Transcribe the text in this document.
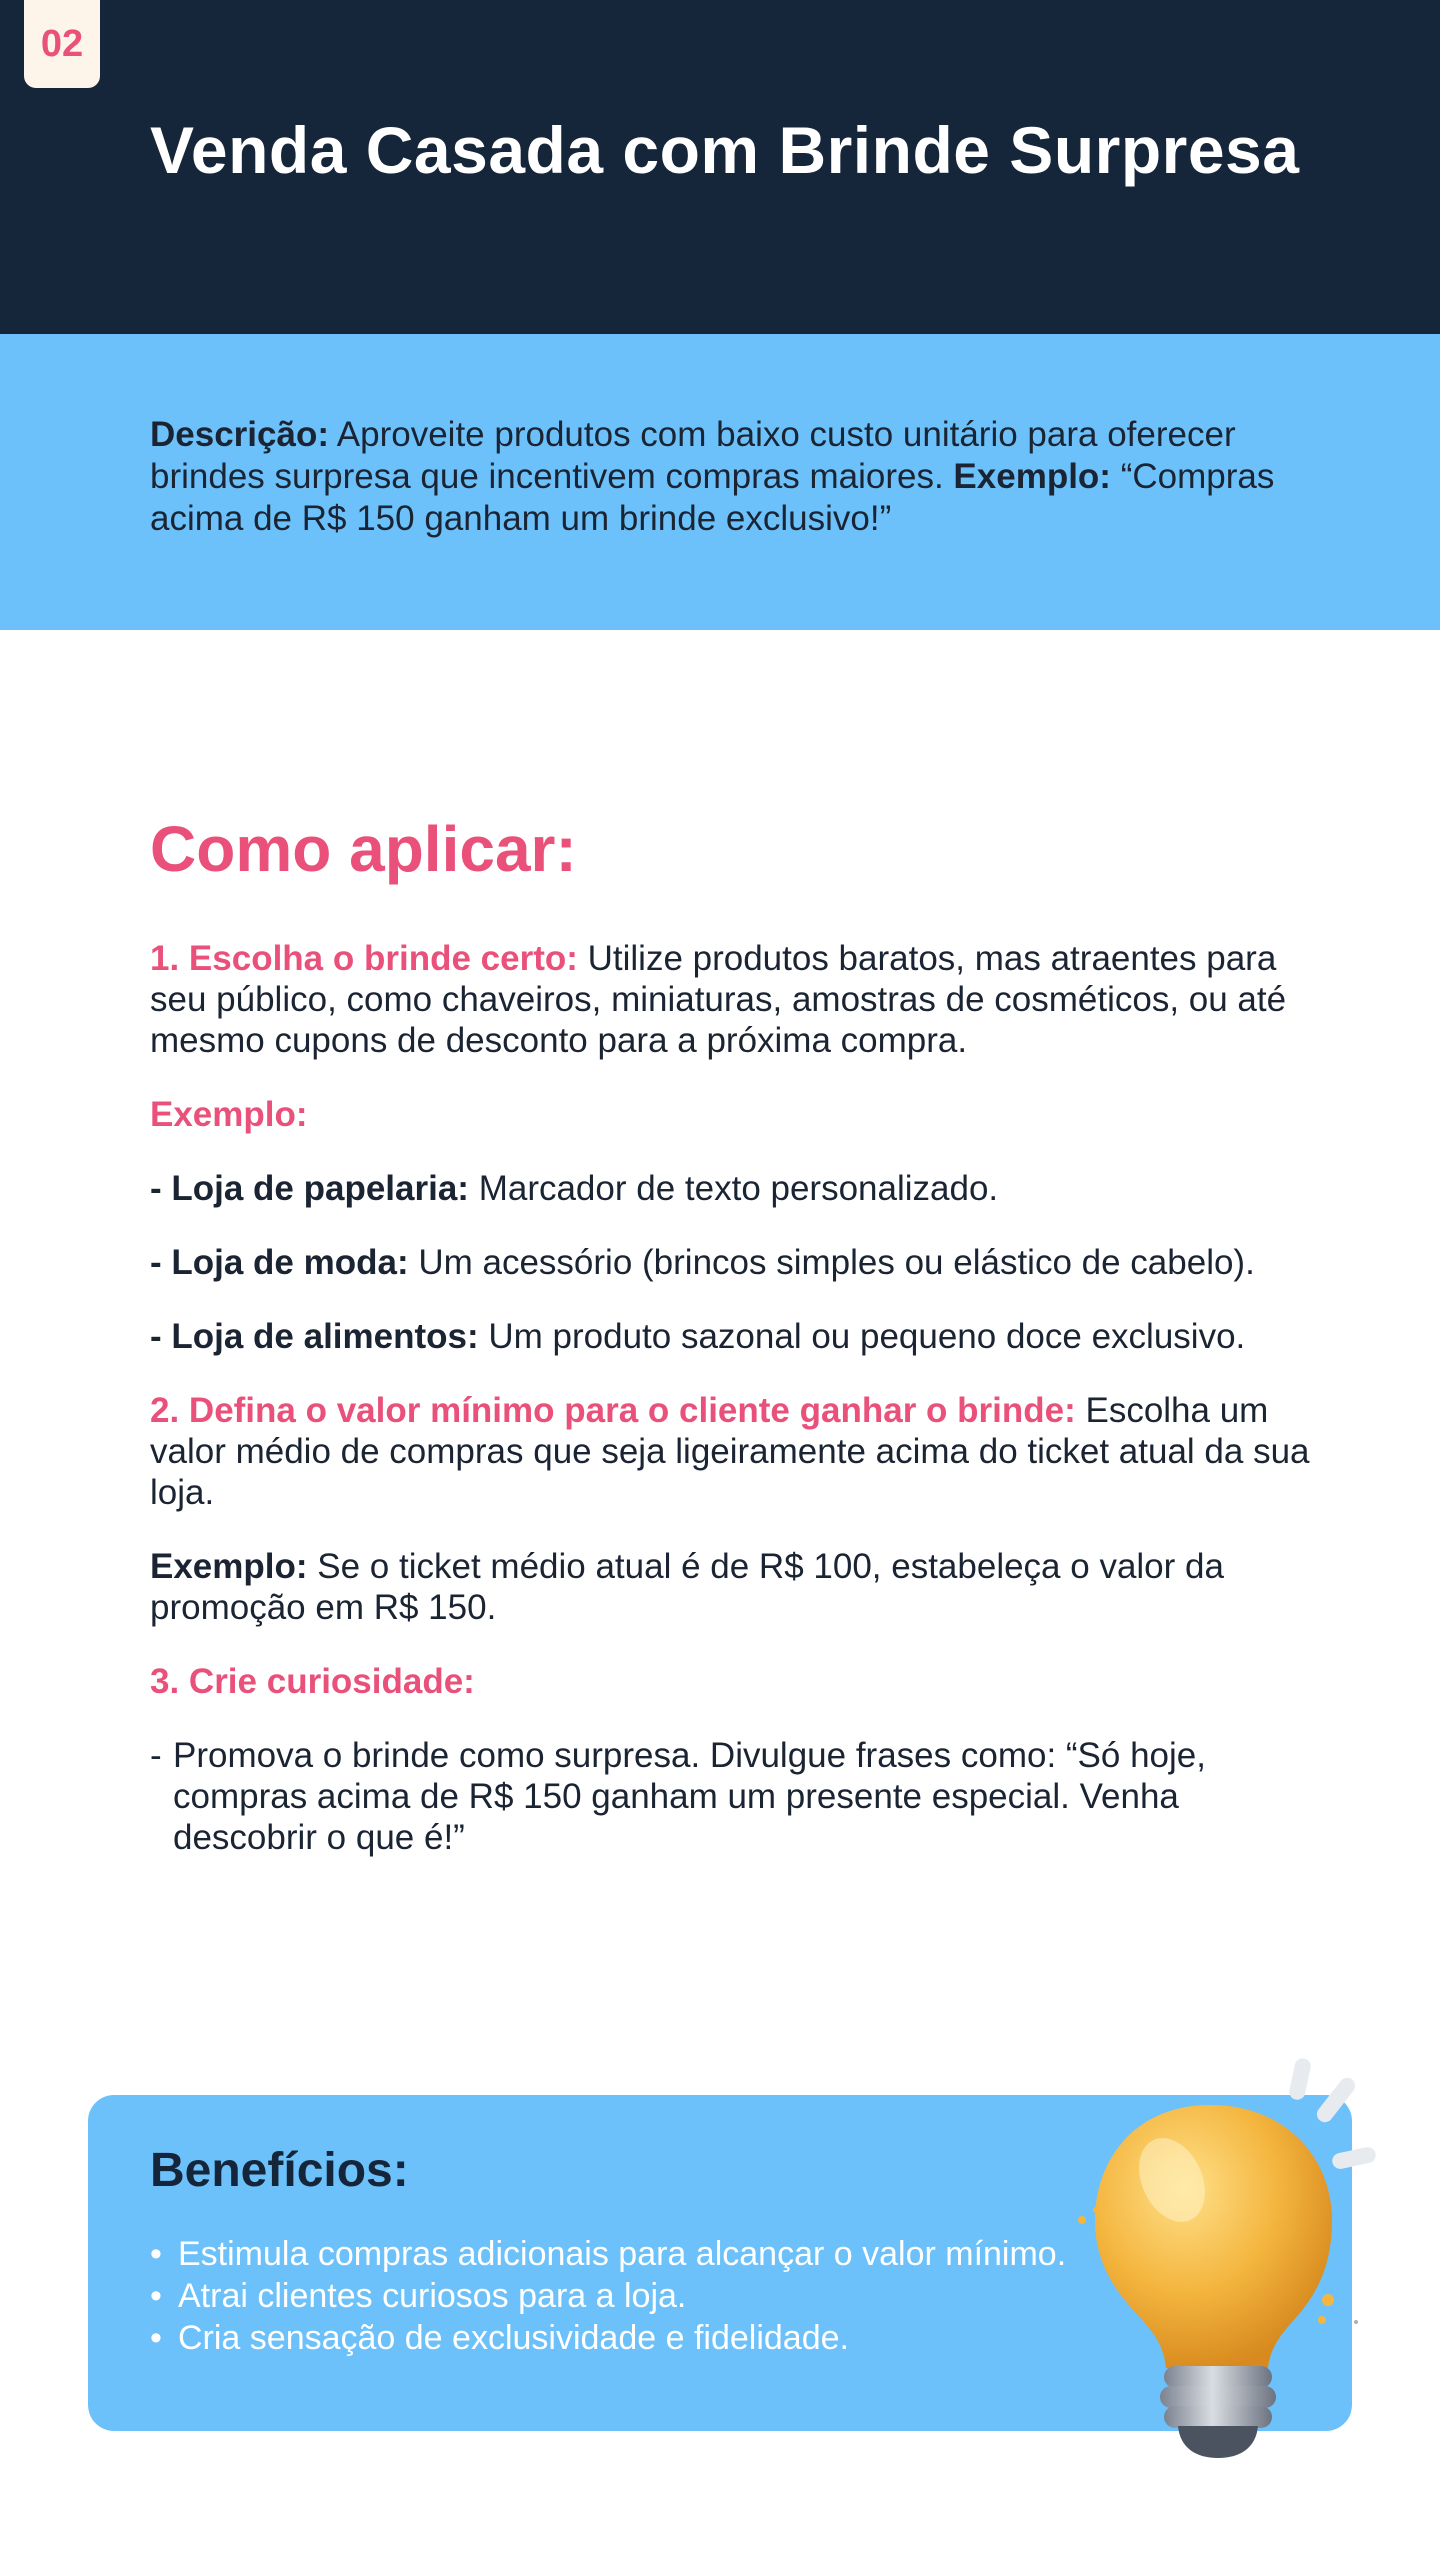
02
Venda Casada com Brinde Surpresa

Descrição: Aproveite produtos com baixo custo unitário para oferecer brindes surpresa que incentivem compras maiores. Exemplo: “Compras acima de R$ 150 ganham um brinde exclusivo!”

Como aplicar:

1. Escolha o brinde certo: Utilize produtos baratos, mas atraentes para seu público, como chaveiros, miniaturas, amostras de cosméticos, ou até mesmo cupons de desconto para a próxima compra.

Exemplo:

- Loja de papelaria: Marcador de texto personalizado.

- Loja de moda: Um acessório (brincos simples ou elástico de cabelo).

- Loja de alimentos: Um produto sazonal ou pequeno doce exclusivo.

2. Defina o valor mínimo para o cliente ganhar o brinde: Escolha um valor médio de compras que seja ligeiramente acima do ticket atual da sua loja.

Exemplo: Se o ticket médio atual é de R$ 100, estabeleça o valor da promoção em R$ 150.

3. Crie curiosidade:

- Promova o brinde como surpresa. Divulgue frases como: “Só hoje, compras acima de R$ 150 ganham um presente especial. Venha descobrir o que é!”
Benefícios:
• Estimula compras adicionais para alcançar o valor mínimo.
• Atrai clientes curiosos para a loja.
• Cria sensação de exclusividade e fidelidade.
